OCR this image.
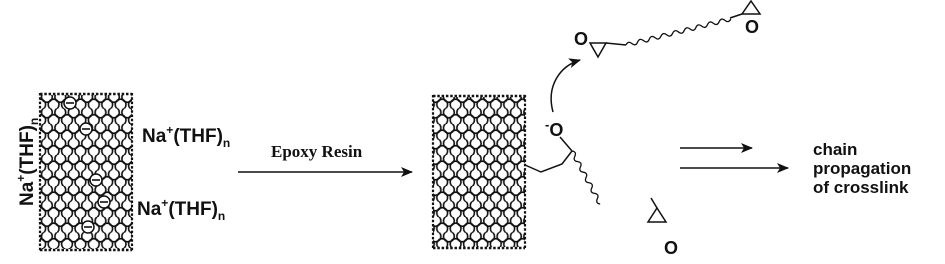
$Na^+(THF)_n$
$Na^+(THF)_n$
$Na^+(THF)_n$
Epoxy Resin
-O
O
O
O
chain
propagation
of crosslink
